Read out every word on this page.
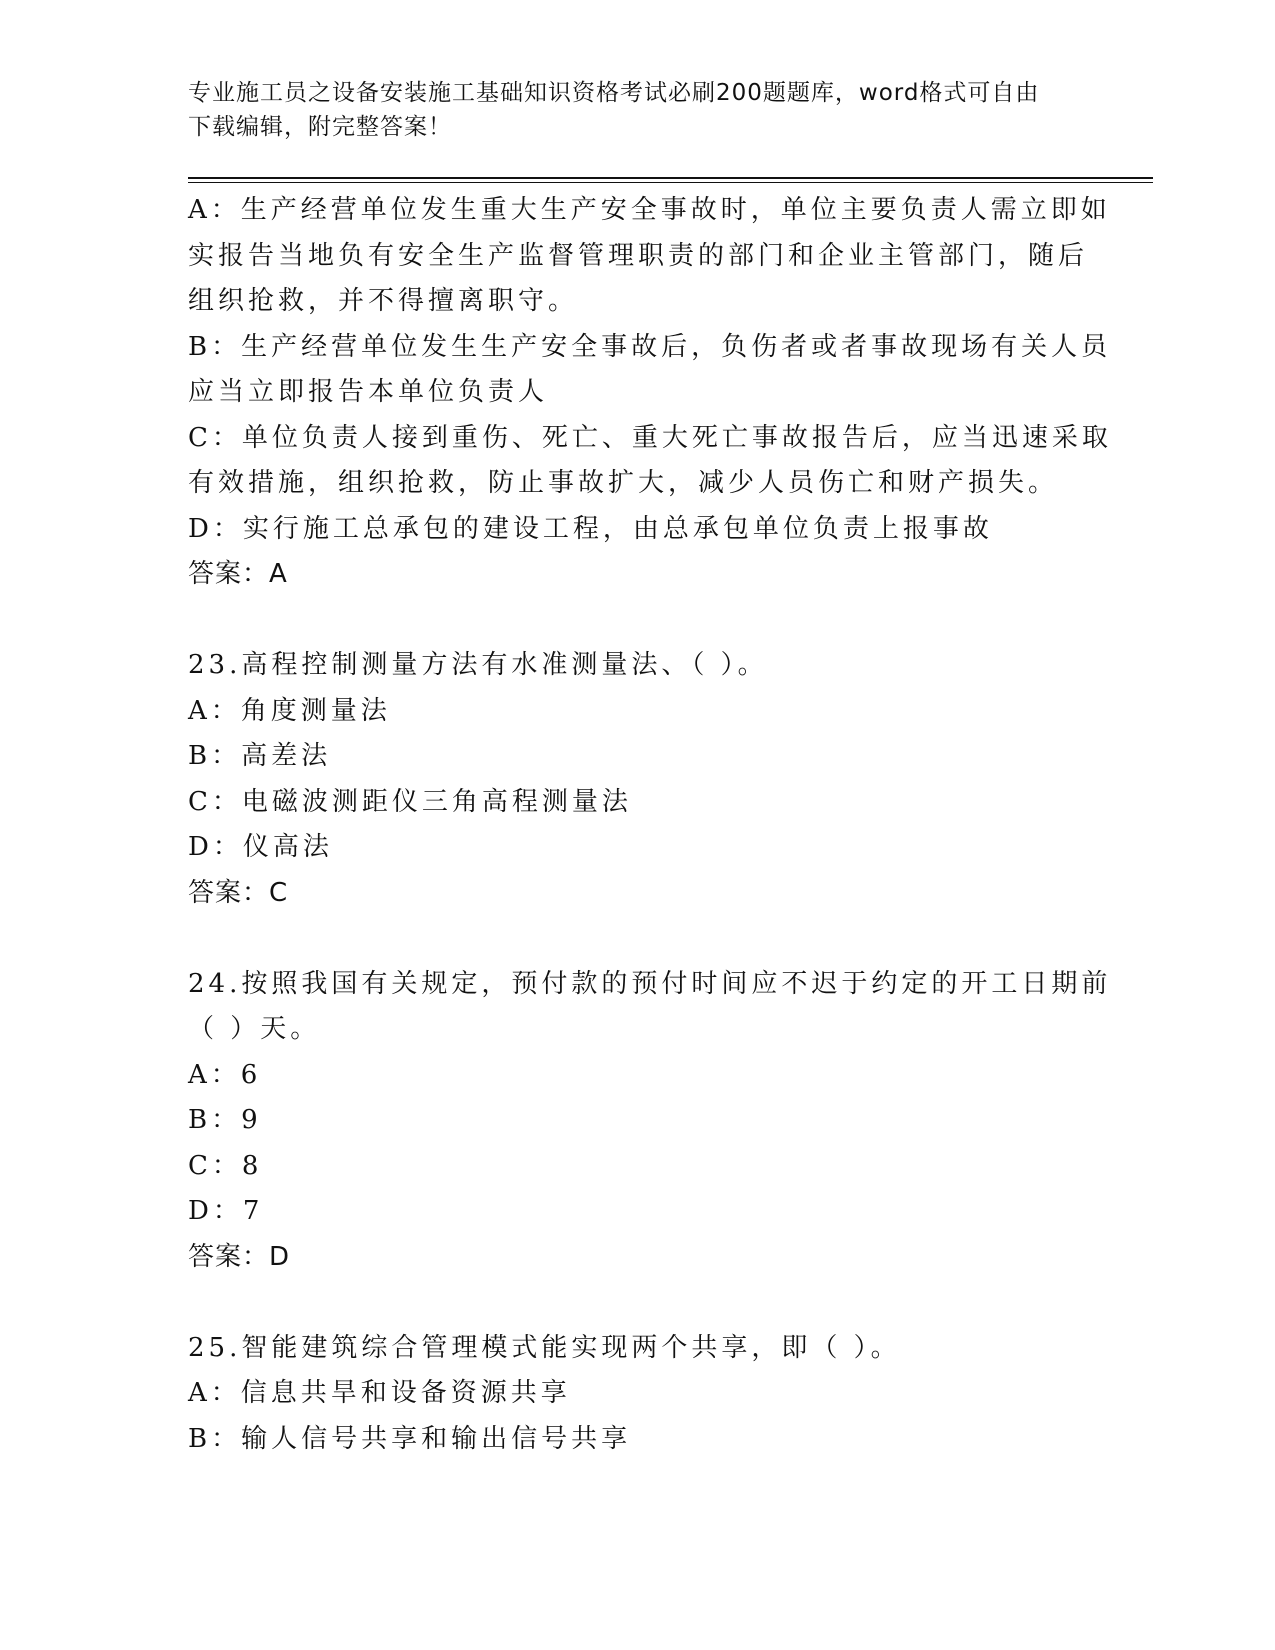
专业施工员之设备安装施工基础知识资格考试必刷200题题库，word格式可自由
下载编辑，附完整答案！
A：生产经营单位发生重大生产安全事故时，单位主要负责人需立即如
实报告当地负有安全生产监督管理职责的部门和企业主管部门，随后
组织抢救，并不得擅离职守。
B：生产经营单位发生生产安全事故后，负伤者或者事故现场有关人员
应当立即报告本单位负责人
C：单位负责人接到重伤、死亡、重大死亡事故报告后，应当迅速采取
有效措施，组织抢救，防止事故扩大，减少人员伤亡和财产损失。
D：实行施工总承包的建设工程，由总承包单位负责上报事故
答案：A
23.高程控制测量方法有水准测量法、（ ）。
A：角度测量法
B：高差法
C：电磁波测距仪三角高程测量法
D：仪高法
答案：C
24.按照我国有关规定，预付款的预付时间应不迟于约定的开工日期前
（ ）天。
A：6
B：9
C：8
D：7
答案：D
25.智能建筑综合管理模式能实现两个共享，即（ ）。
A：信息共旱和设备资源共享
B：输人信号共享和输出信号共享
